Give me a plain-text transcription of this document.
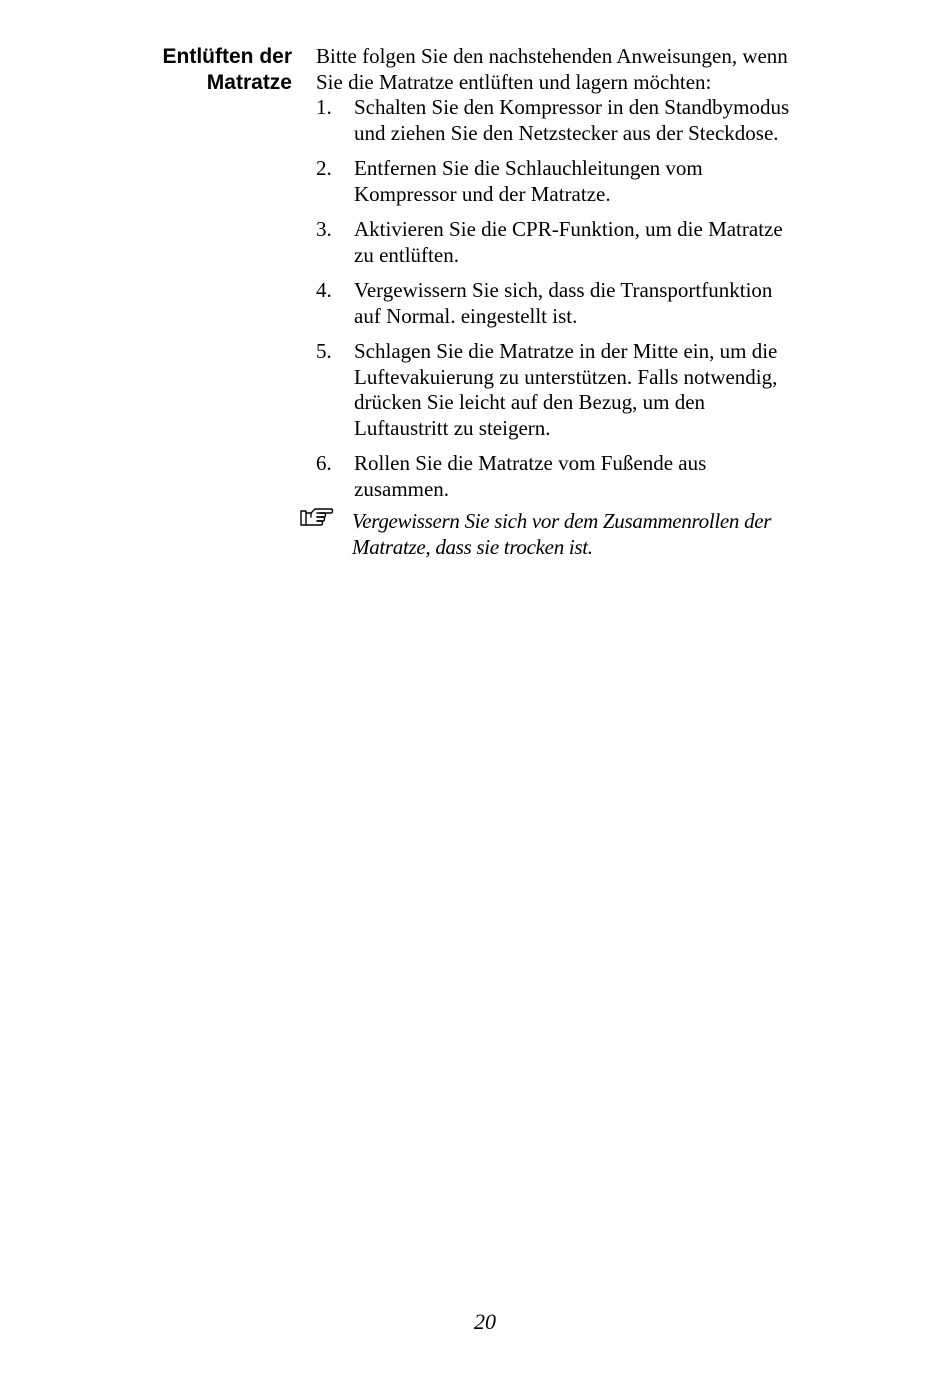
Entlüften der
Matratze

Bitte folgen Sie den nachstehenden Anweisungen, wenn
Sie die Matratze entlüften und lagern möchten:

1. Schalten Sie den Kompressor in den Standbymodus
und ziehen Sie den Netzstecker aus der Steckdose.
2. Entfernen Sie die Schlauchleitungen vom
Kompressor und der Matratze.
3. Aktivieren Sie die CPR-Funktion, um die Matratze
zu entlüften.
4. Vergewissern Sie sich, dass die Transportfunktion
auf Normal. eingestellt ist.
5. Schlagen Sie die Matratze in der Mitte ein, um die
Luftevakuierung zu unterstützen. Falls notwendig,
drücken Sie leicht auf den Bezug, um den
Luftaustritt zu steigern.
6. Rollen Sie die Matratze vom Fußende aus
zusammen.
Vergewissern Sie sich vor dem Zusammenrollen der
Matratze, dass sie trocken ist.
20
